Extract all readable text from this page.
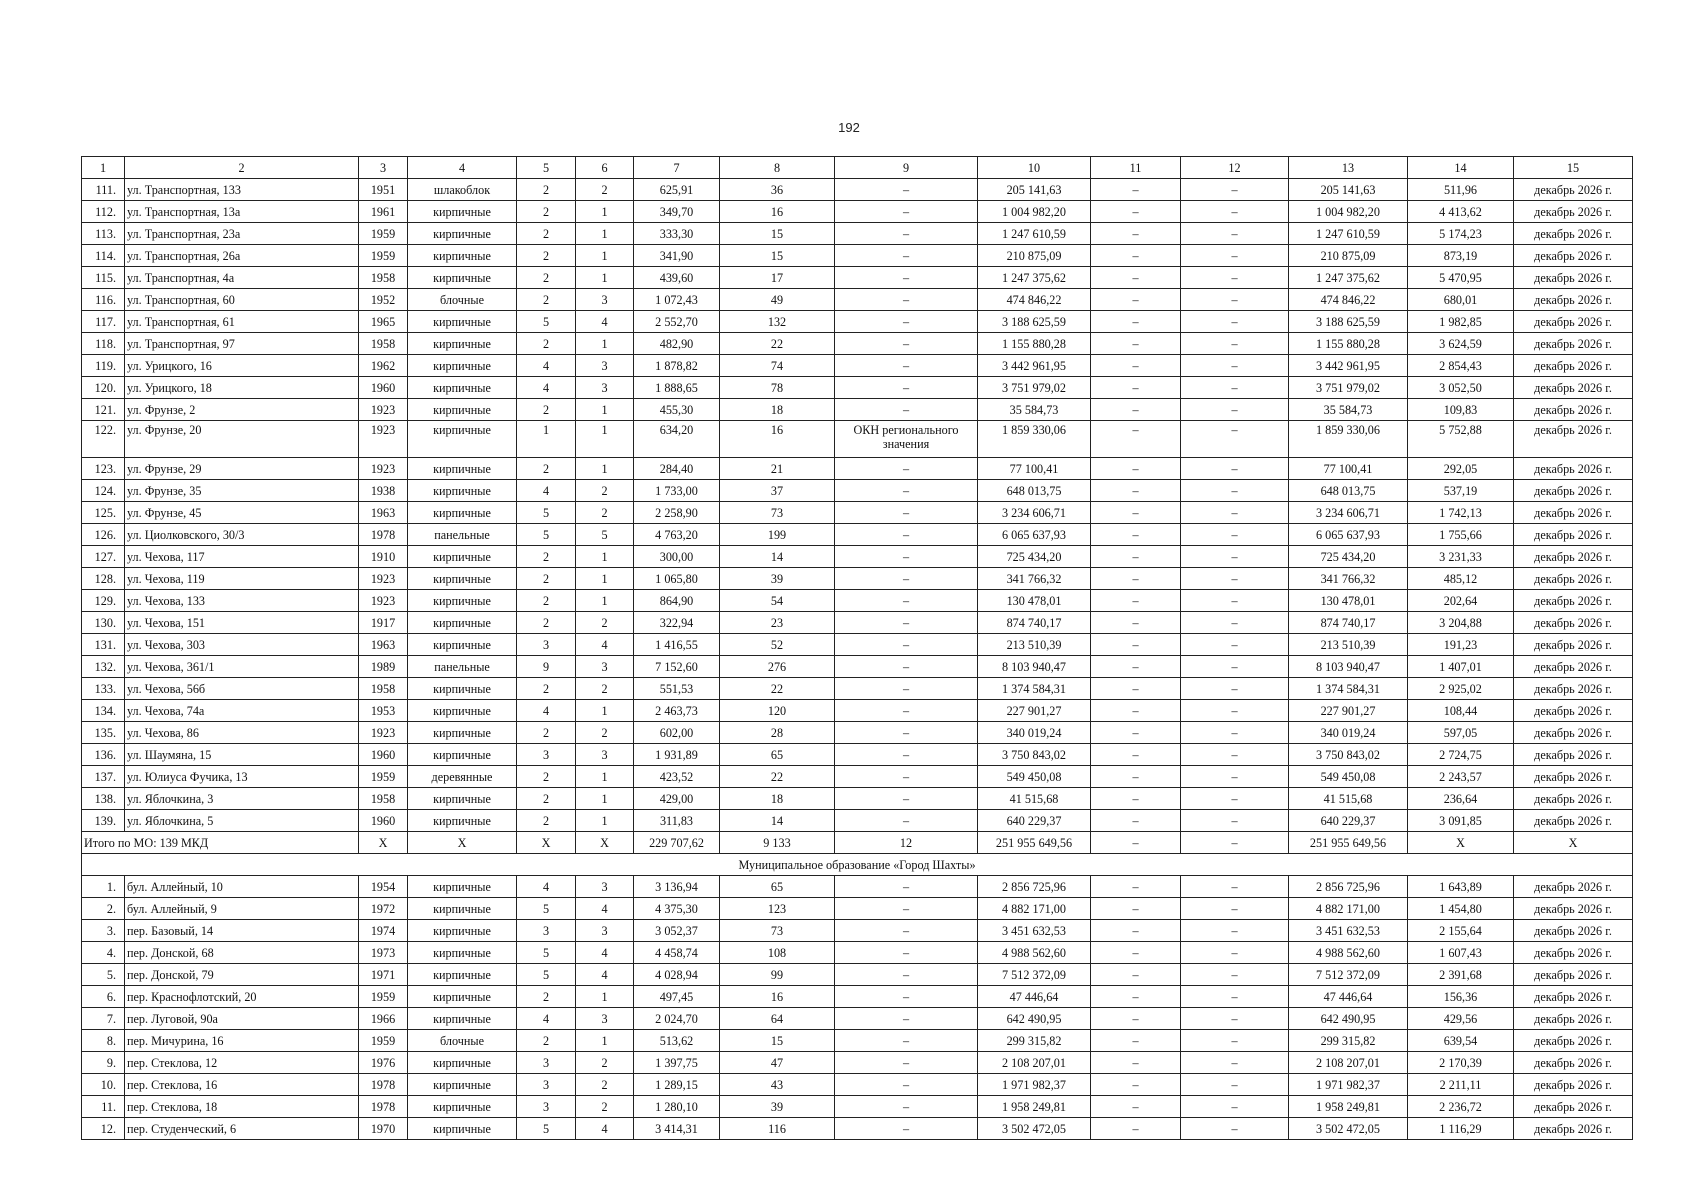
192
1	2	3	4	5	6	7	8	9	10	11	12	13	14	15
111.	ул. Транспортная, 133	1951	шлакоблок	2	2	625,91	36	–	205 141,63	–	–	205 141,63	511,96	декабрь 2026 г.
112.	ул. Транспортная, 13а	1961	кирпичные	2	1	349,70	16	–	1 004 982,20	–	–	1 004 982,20	4 413,62	декабрь 2026 г.
113.	ул. Транспортная, 23а	1959	кирпичные	2	1	333,30	15	–	1 247 610,59	–	–	1 247 610,59	5 174,23	декабрь 2026 г.
114.	ул. Транспортная, 26а	1959	кирпичные	2	1	341,90	15	–	210 875,09	–	–	210 875,09	873,19	декабрь 2026 г.
115.	ул. Транспортная, 4а	1958	кирпичные	2	1	439,60	17	–	1 247 375,62	–	–	1 247 375,62	5 470,95	декабрь 2026 г.
116.	ул. Транспортная, 60	1952	блочные	2	3	1 072,43	49	–	474 846,22	–	–	474 846,22	680,01	декабрь 2026 г.
117.	ул. Транспортная, 61	1965	кирпичные	5	4	2 552,70	132	–	3 188 625,59	–	–	3 188 625,59	1 982,85	декабрь 2026 г.
118.	ул. Транспортная, 97	1958	кирпичные	2	1	482,90	22	–	1 155 880,28	–	–	1 155 880,28	3 624,59	декабрь 2026 г.
119.	ул. Урицкого, 16	1962	кирпичные	4	3	1 878,82	74	–	3 442 961,95	–	–	3 442 961,95	2 854,43	декабрь 2026 г.
120.	ул. Урицкого, 18	1960	кирпичные	4	3	1 888,65	78	–	3 751 979,02	–	–	3 751 979,02	3 052,50	декабрь 2026 г.
121.	ул. Фрунзе, 2	1923	кирпичные	2	1	455,30	18	–	35 584,73	–	–	35 584,73	109,83	декабрь 2026 г.
122.	ул. Фрунзе, 20	1923	кирпичные	1	1	634,20	16	ОКН регионального значения	1 859 330,06	–	–	1 859 330,06	5 752,88	декабрь 2026 г.
123.	ул. Фрунзе, 29	1923	кирпичные	2	1	284,40	21	–	77 100,41	–	–	77 100,41	292,05	декабрь 2026 г.
124.	ул. Фрунзе, 35	1938	кирпичные	4	2	1 733,00	37	–	648 013,75	–	–	648 013,75	537,19	декабрь 2026 г.
125.	ул. Фрунзе, 45	1963	кирпичные	5	2	2 258,90	73	–	3 234 606,71	–	–	3 234 606,71	1 742,13	декабрь 2026 г.
126.	ул. Циолковского, 30/3	1978	панельные	5	5	4 763,20	199	–	6 065 637,93	–	–	6 065 637,93	1 755,66	декабрь 2026 г.
127.	ул. Чехова, 117	1910	кирпичные	2	1	300,00	14	–	725 434,20	–	–	725 434,20	3 231,33	декабрь 2026 г.
128.	ул. Чехова, 119	1923	кирпичные	2	1	1 065,80	39	–	341 766,32	–	–	341 766,32	485,12	декабрь 2026 г.
129.	ул. Чехова, 133	1923	кирпичные	2	1	864,90	54	–	130 478,01	–	–	130 478,01	202,64	декабрь 2026 г.
130.	ул. Чехова, 151	1917	кирпичные	2	2	322,94	23	–	874 740,17	–	–	874 740,17	3 204,88	декабрь 2026 г.
131.	ул. Чехова, 303	1963	кирпичные	3	4	1 416,55	52	–	213 510,39	–	–	213 510,39	191,23	декабрь 2026 г.
132.	ул. Чехова, 361/1	1989	панельные	9	3	7 152,60	276	–	8 103 940,47	–	–	8 103 940,47	1 407,01	декабрь 2026 г.
133.	ул. Чехова, 56б	1958	кирпичные	2	2	551,53	22	–	1 374 584,31	–	–	1 374 584,31	2 925,02	декабрь 2026 г.
134.	ул. Чехова, 74а	1953	кирпичные	4	1	2 463,73	120	–	227 901,27	–	–	227 901,27	108,44	декабрь 2026 г.
135.	ул. Чехова, 86	1923	кирпичные	2	2	602,00	28	–	340 019,24	–	–	340 019,24	597,05	декабрь 2026 г.
136.	ул. Шаумяна, 15	1960	кирпичные	3	3	1 931,89	65	–	3 750 843,02	–	–	3 750 843,02	2 724,75	декабрь 2026 г.
137.	ул. Юлиуса Фучика, 13	1959	деревянные	2	1	423,52	22	–	549 450,08	–	–	549 450,08	2 243,57	декабрь 2026 г.
138.	ул. Яблочкина, 3	1958	кирпичные	2	1	429,00	18	–	41 515,68	–	–	41 515,68	236,64	декабрь 2026 г.
139.	ул. Яблочкина, 5	1960	кирпичные	2	1	311,83	14	–	640 229,37	–	–	640 229,37	3 091,85	декабрь 2026 г.
Итого по МО: 139 МКД		Х	Х	Х	Х	229 707,62	9 133	12	251 955 649,56	–	–	251 955 649,56	Х	Х
Муниципальное образование «Город Шахты»														
1.	бул. Аллейный, 10	1954	кирпичные	4	3	3 136,94	65	–	2 856 725,96	–	–	2 856 725,96	1 643,89	декабрь 2026 г.
2.	бул. Аллейный, 9	1972	кирпичные	5	4	4 375,30	123	–	4 882 171,00	–	–	4 882 171,00	1 454,80	декабрь 2026 г.
3.	пер. Базовый, 14	1974	кирпичные	3	3	3 052,37	73	–	3 451 632,53	–	–	3 451 632,53	2 155,64	декабрь 2026 г.
4.	пер. Донской, 68	1973	кирпичные	5	4	4 458,74	108	–	4 988 562,60	–	–	4 988 562,60	1 607,43	декабрь 2026 г.
5.	пер. Донской, 79	1971	кирпичные	5	4	4 028,94	99	–	7 512 372,09	–	–	7 512 372,09	2 391,68	декабрь 2026 г.
6.	пер. Краснофлотский, 20	1959	кирпичные	2	1	497,45	16	–	47 446,64	–	–	47 446,64	156,36	декабрь 2026 г.
7.	пер. Луговой, 90а	1966	кирпичные	4	3	2 024,70	64	–	642 490,95	–	–	642 490,95	429,56	декабрь 2026 г.
8.	пер. Мичурина, 16	1959	блочные	2	1	513,62	15	–	299 315,82	–	–	299 315,82	639,54	декабрь 2026 г.
9.	пер. Стеклова, 12	1976	кирпичные	3	2	1 397,75	47	–	2 108 207,01	–	–	2 108 207,01	2 170,39	декабрь 2026 г.
10.	пер. Стеклова, 16	1978	кирпичные	3	2	1 289,15	43	–	1 971 982,37	–	–	1 971 982,37	2 211,11	декабрь 2026 г.
11.	пер. Стеклова, 18	1978	кирпичные	3	2	1 280,10	39	–	1 958 249,81	–	–	1 958 249,81	2 236,72	декабрь 2026 г.
12.	пер. Студенческий, 6	1970	кирпичные	5	4	3 414,31	116	–	3 502 472,05	–	–	3 502 472,05	1 116,29	декабрь 2026 г.
